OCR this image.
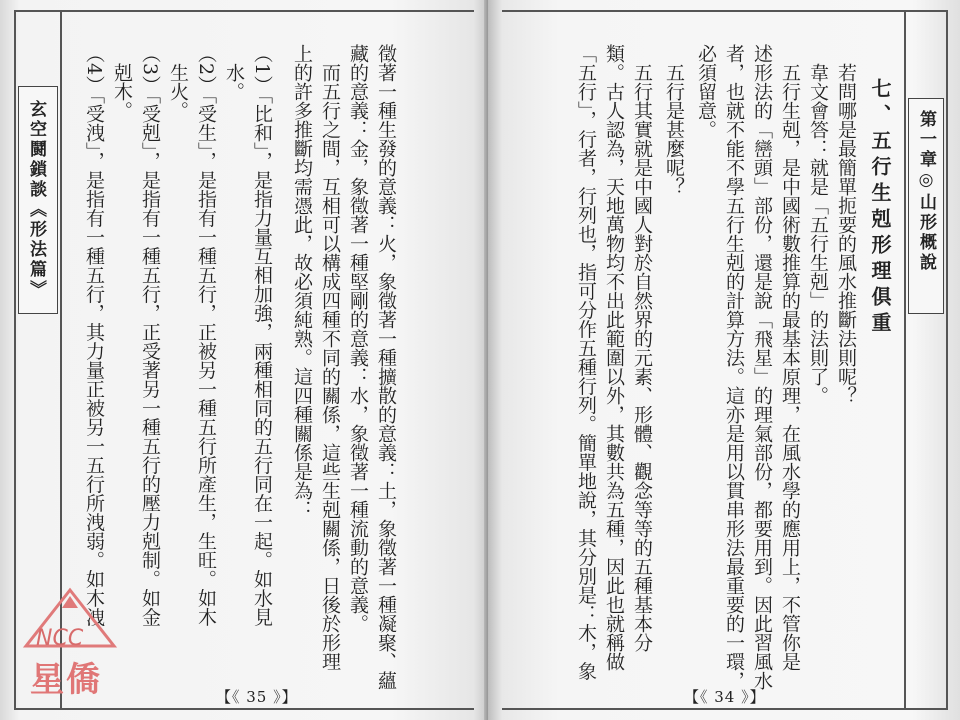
玄空鬪鎖談《形法篇》	徵著一種生發的意義：火，象徵著一種擴散的意義：土，象徵著一種凝聚、蘊
藏的意義：金，象徵著一種堅剛的意義：水，象徵著一種流動的意義。
　而五行之間，互相可以構成四種不同的關係，這些生剋關係，日後於形理
上的許多推斷均需憑此，故必須純熟。這四種關係是為：
（1）「比和」，是指力量互相加強，兩種相同的五行同在一起。如水見
　水。
（2）「受生」，是指有一種五行，正被另一種五行所產生，生旺。如木
　生火。
（3）「受剋」，是指有一種五行，正受著另一種五行的壓力剋制。如金
　剋木。
（4）「受洩」，是指有一種五行，其力量正被另一五行所洩弱。如木洩
【《 35 》】
NCC
星僑
第一章◎山形概說
七、五行生剋形理俱重
　若問哪是最簡單扼要的風水推斷法則呢？
　韋文會答：就是「五行生剋」的法則了。
　五行生剋，是中國術數推算的最基本原理，在風水學的應用上，不管你是
述形法的「巒頭」部份，還是說「飛星」的理氣部份，都要用到。因此習風水
者，也就不能不學五行生剋的計算方法。這亦是用以貫串形法最重要的一環，
必須留意。
　五行是甚麼呢？
　五行其實就是中國人對於自然界的元素、形體、觀念等等的五種基本分
類。古人認為，天地萬物均不出此範圍以外，其數共為五種，因此也就稱做
「五行」，行者，行列也，指可分作五種行列。簡單地說，其分別是：木，象
【《 34 》】
